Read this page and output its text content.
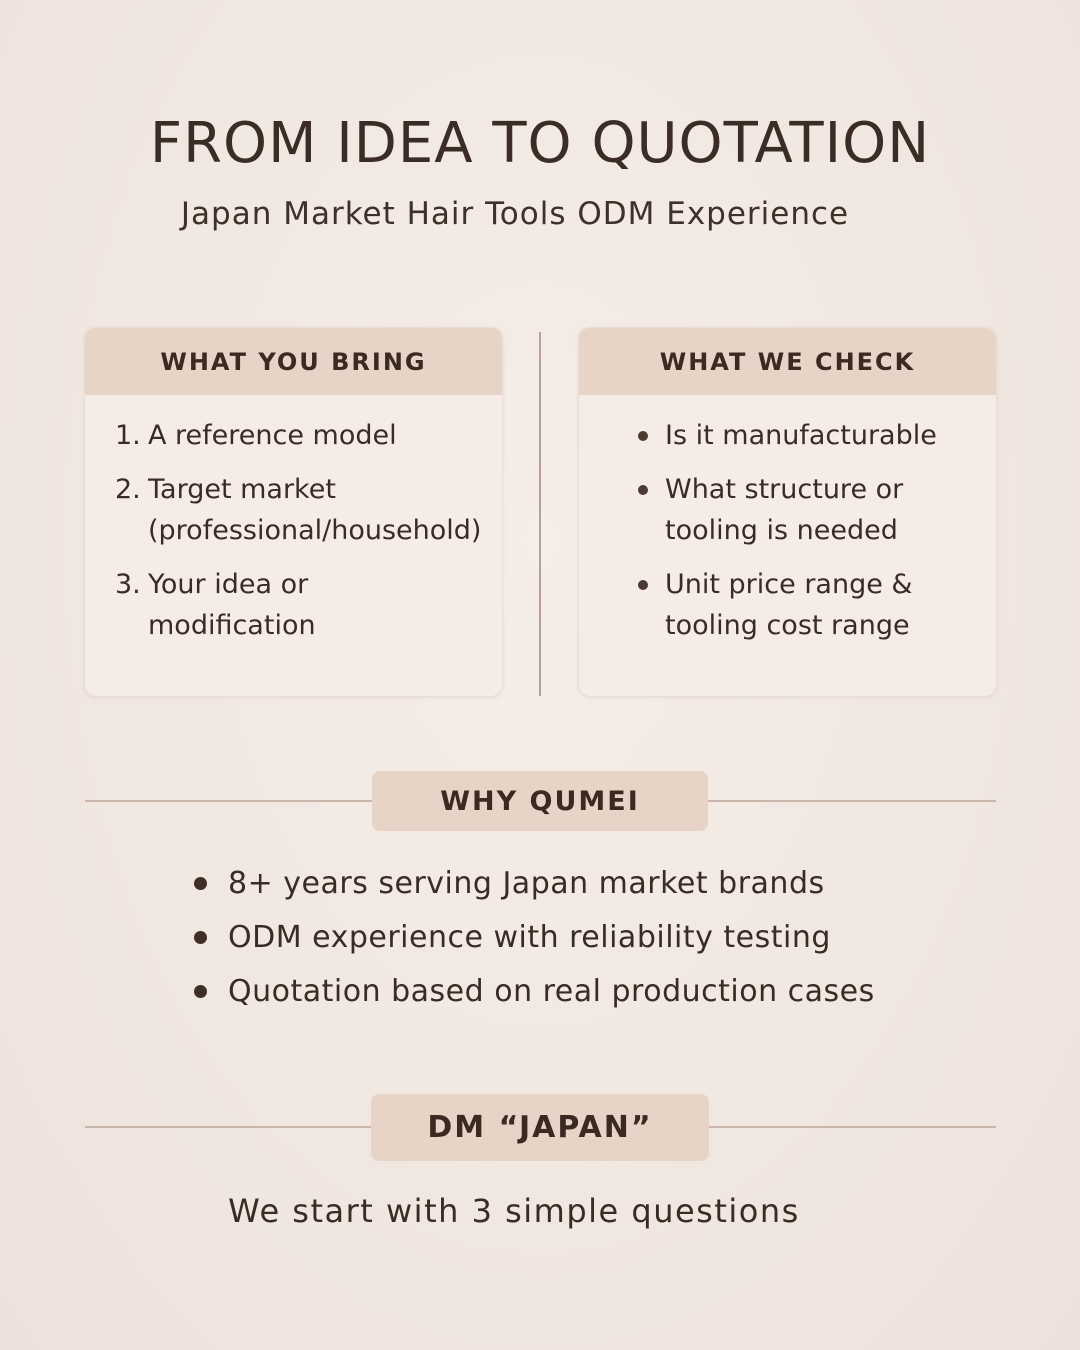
FROM IDEA TO QUOTATION
Japan Market Hair Tools ODM Experience
WHAT YOU BRING
1. A reference model
2. Target market (professional/household)
3. Your idea or modification
WHAT WE CHECK
Is it manufacturable
What structure or tooling is needed
Unit price range & tooling cost range
WHY QUMEI
8+ years serving Japan market brands
ODM experience with reliability testing
Quotation based on real production cases
DM “JAPAN”
We start with 3 simple questions
